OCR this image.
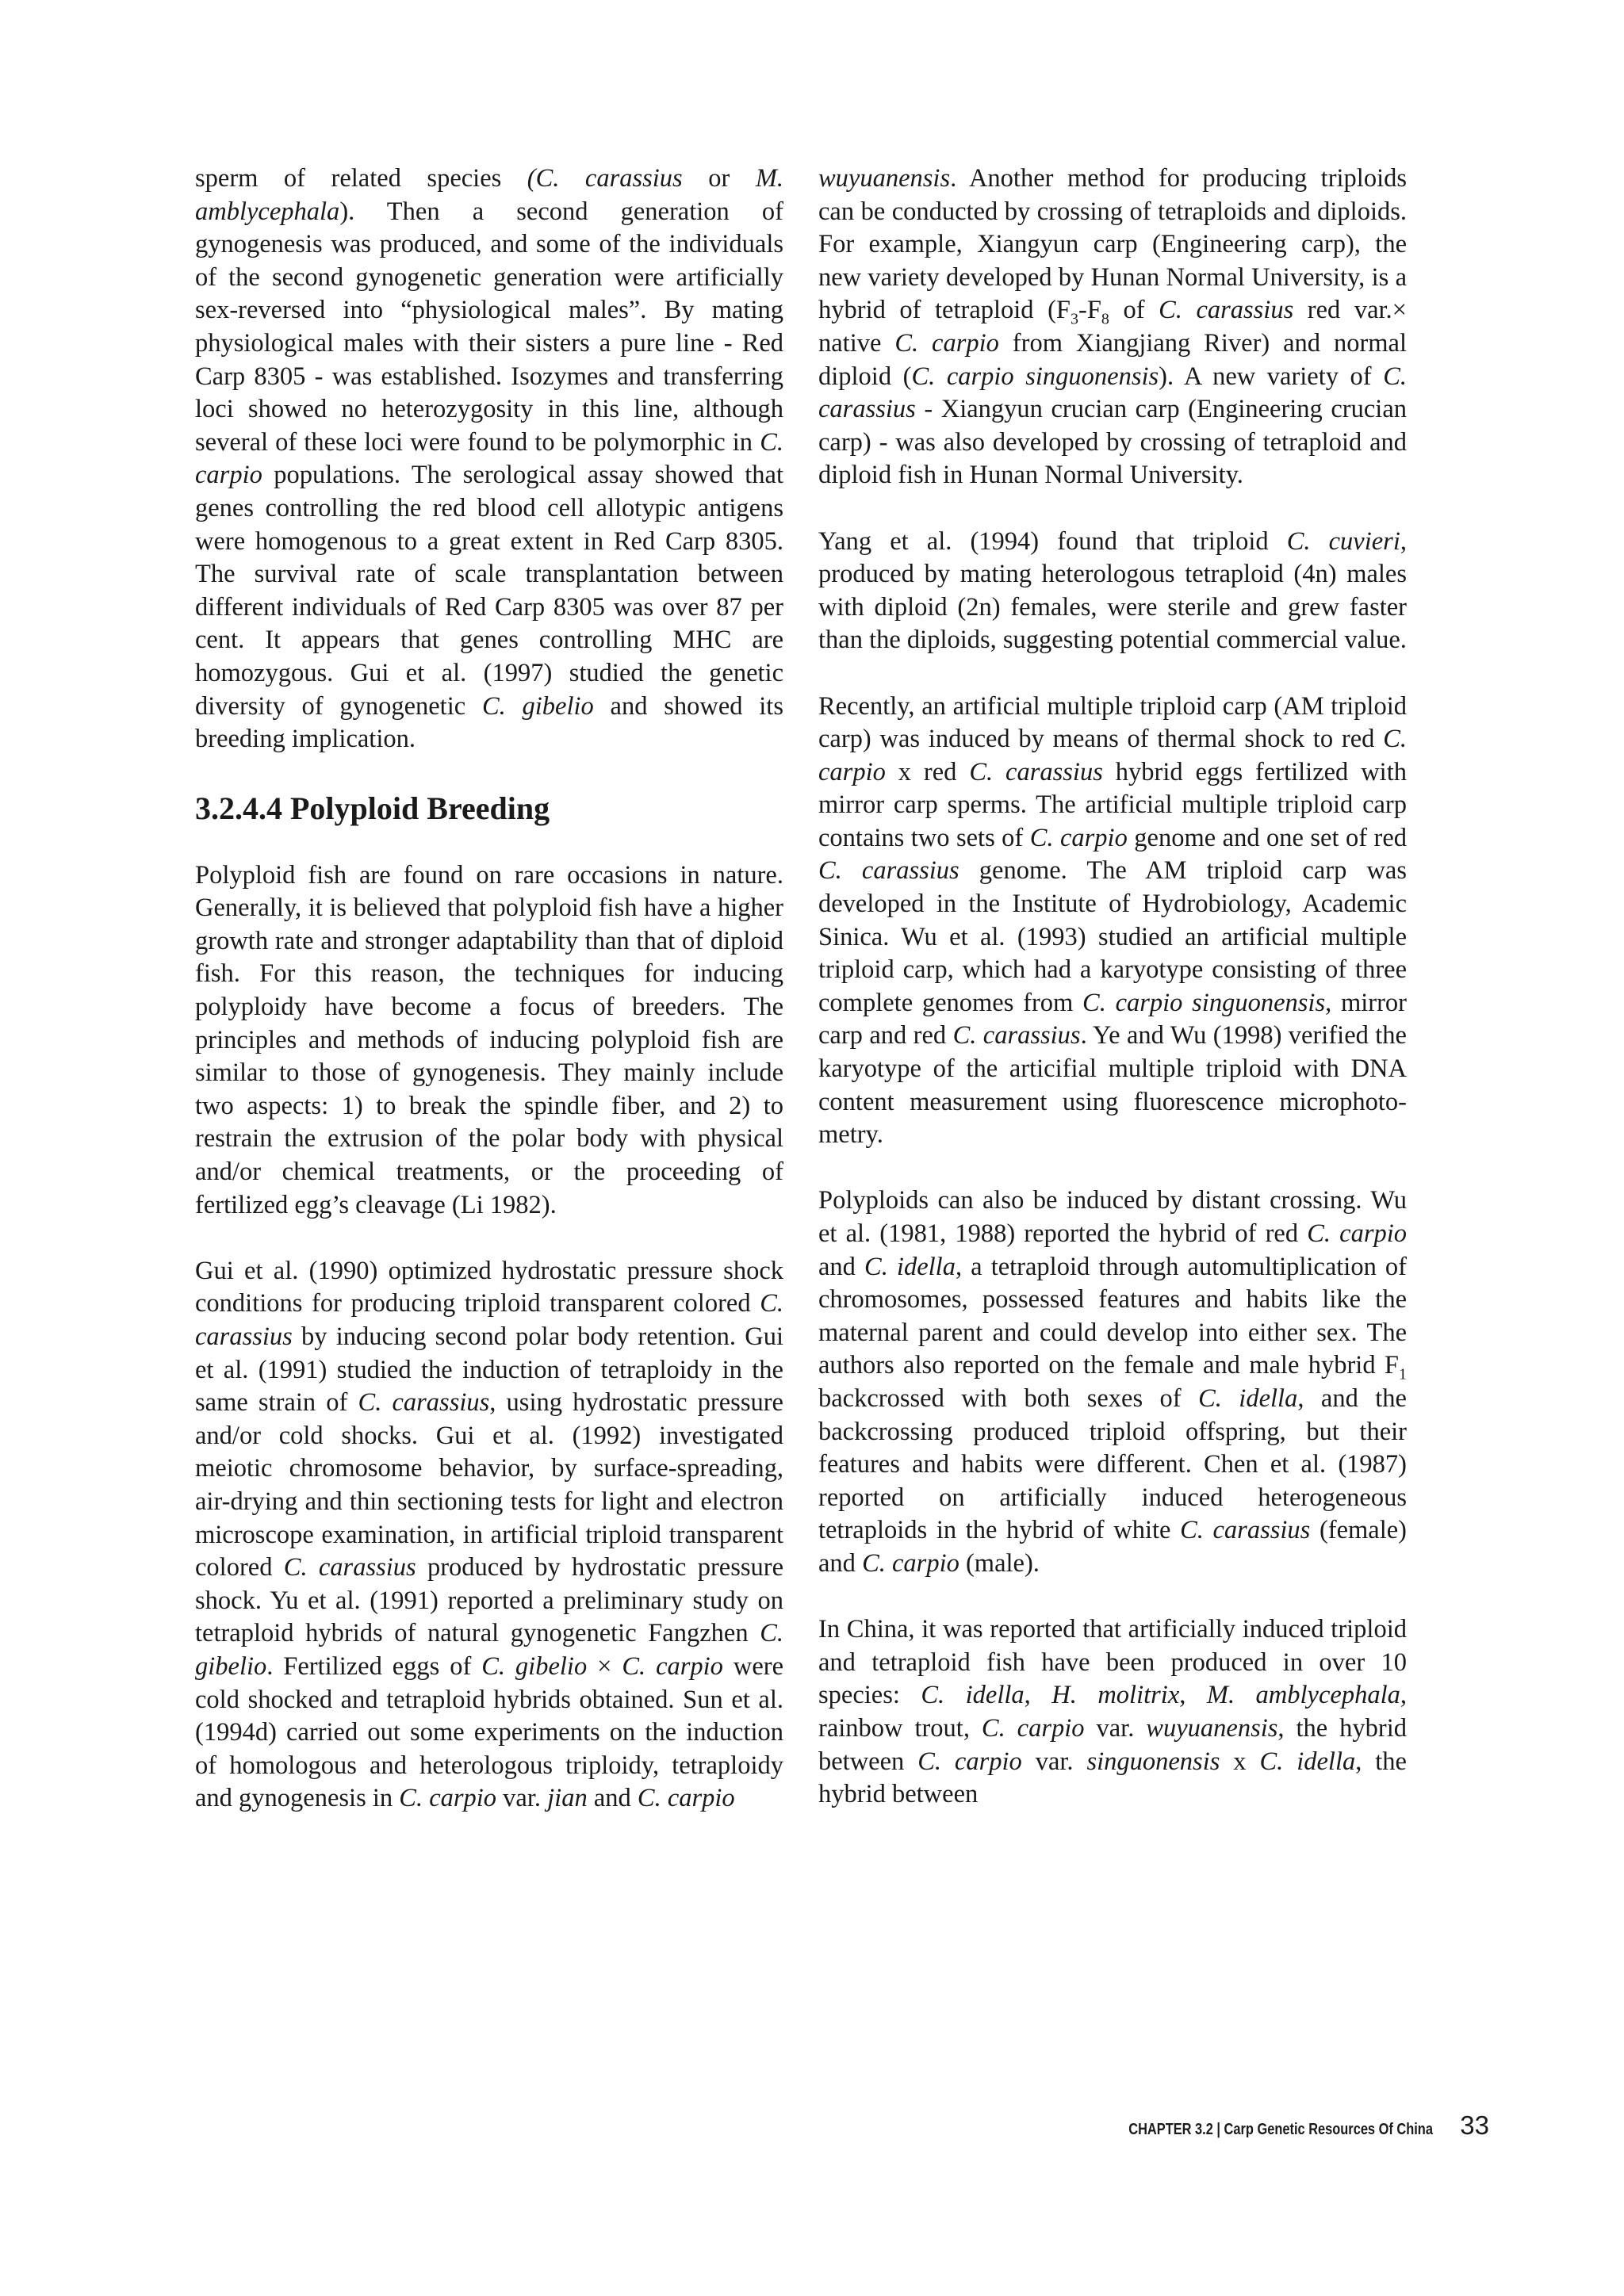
sperm of related species (C. carassius or M. amblycephala). Then a second generation of gynogenesis was produced, and some of the individuals of the second gynogenetic generation were artificially sex-reversed into “physiological males”. By mating physiological males with their sisters a pure line - Red Carp 8305 - was established. Isozymes and transferring loci showed no heterozygosity in this line, although several of these loci were found to be polymorphic in C. carpio populations. The serological assay showed that genes controlling the red blood cell allotypic antigens were homogenous to a great extent in Red Carp 8305. The survival rate of scale transplantation between different individuals of Red Carp 8305 was over 87 per cent. It appears that genes controlling MHC are homozygous. Gui et al. (1997) studied the genetic diversity of gynogenetic C. gibelio and showed its breeding implication.

3.2.4.4 Polyploid Breeding

Polyploid fish are found on rare occasions in nature. Generally, it is believed that polyploid fish have a higher growth rate and stronger adaptability than that of diploid fish. For this reason, the techniques for inducing polyploidy have become a focus of breeders. The principles and methods of inducing polyploid fish are similar to those of gynogenesis. They mainly include two aspects: 1) to break the spindle fiber, and 2) to restrain the extrusion of the polar body with physical and/or chemical treatments, or the proceeding of fertilized egg’s cleavage (Li 1982).

Gui et al. (1990) optimized hydrostatic pressure shock conditions for producing triploid transparent colored C. carassius by inducing second polar body retention. Gui et al. (1991) studied the induction of tetraploidy in the same strain of C. carassius, using hydrostatic pressure and/or cold shocks. Gui et al. (1992) investigated meiotic chromosome behavior, by surface-spreading, air-drying and thin sectioning tests for light and electron microscope examination, in artificial triploid transparent colored C. carassius produced by hydrostatic pressure shock. Yu et al. (1991) reported a preliminary study on tetraploid hybrids of natural gynogenetic Fangzhen C. gibelio. Fertilized eggs of C. gibelio × C. carpio were cold shocked and tetraploid hybrids obtained. Sun et al. (1994d) carried out some experiments on the induction of homologous and heterologous triploidy, tetraploidy and gynogenesis in C. carpio var. jian and C. carpio

wuyuanensis. Another method for producing triploids can be conducted by crossing of tetraploids and diploids. For example, Xiangyun carp (Engineering carp), the new variety developed by Hunan Normal University, is a hybrid of tetraploid ($F_3-F_8$ of C. carassius red var.× native C. carpio from Xiangjiang River) and normal diploid (C. carpio singuonensis). A new variety of C. carassius - Xiangyun crucian carp (Engineering crucian carp) - was also developed by crossing of tetraploid and diploid fish in Hunan Normal University.

Yang et al. (1994) found that triploid C. cuvieri, produced by mating heterologous tetraploid (4n) males with diploid (2n) females, were sterile and grew faster than the diploids, suggesting potential commercial value.

Recently, an artificial multiple triploid carp (AM triploid carp) was induced by means of thermal shock to red C. carpio x red C. carassius hybrid eggs fertilized with mirror carp sperms. The artificial multiple triploid carp contains two sets of C. carpio genome and one set of red C. carassius genome. The AM triploid carp was developed in the Institute of Hydrobiology, Academic Sinica. Wu et al. (1993) studied an artificial multiple triploid carp, which had a karyotype consisting of three complete genomes from C. carpio singuonensis, mirror carp and red C. carassius. Ye and Wu (1998) verified the karyotype of the articifial multiple triploid with DNA content measurement using fluorescence microphoto-metry.

Polyploids can also be induced by distant crossing. Wu et al. (1981, 1988) reported the hybrid of red C. carpio and C. idella, a tetraploid through automultiplication of chromosomes, possessed features and habits like the maternal parent and could develop into either sex. The authors also reported on the female and male hybrid $F_1$ backcrossed with both sexes of C. idella, and the backcrossing produced triploid offspring, but their features and habits were different. Chen et al. (1987) reported on artificially induced heterogeneous tetraploids in the hybrid of white C. carassius (female) and C. carpio (male).

In China, it was reported that artificially induced triploid and tetraploid fish have been produced in over 10 species: C. idella, H. molitrix, M. amblycephala, rainbow trout, C. carpio var. wuyuanensis, the hybrid between C. carpio var. singuonensis x C. idella, the hybrid between

CHAPTER 3.2 | Carp Genetic Resources Of China 33
